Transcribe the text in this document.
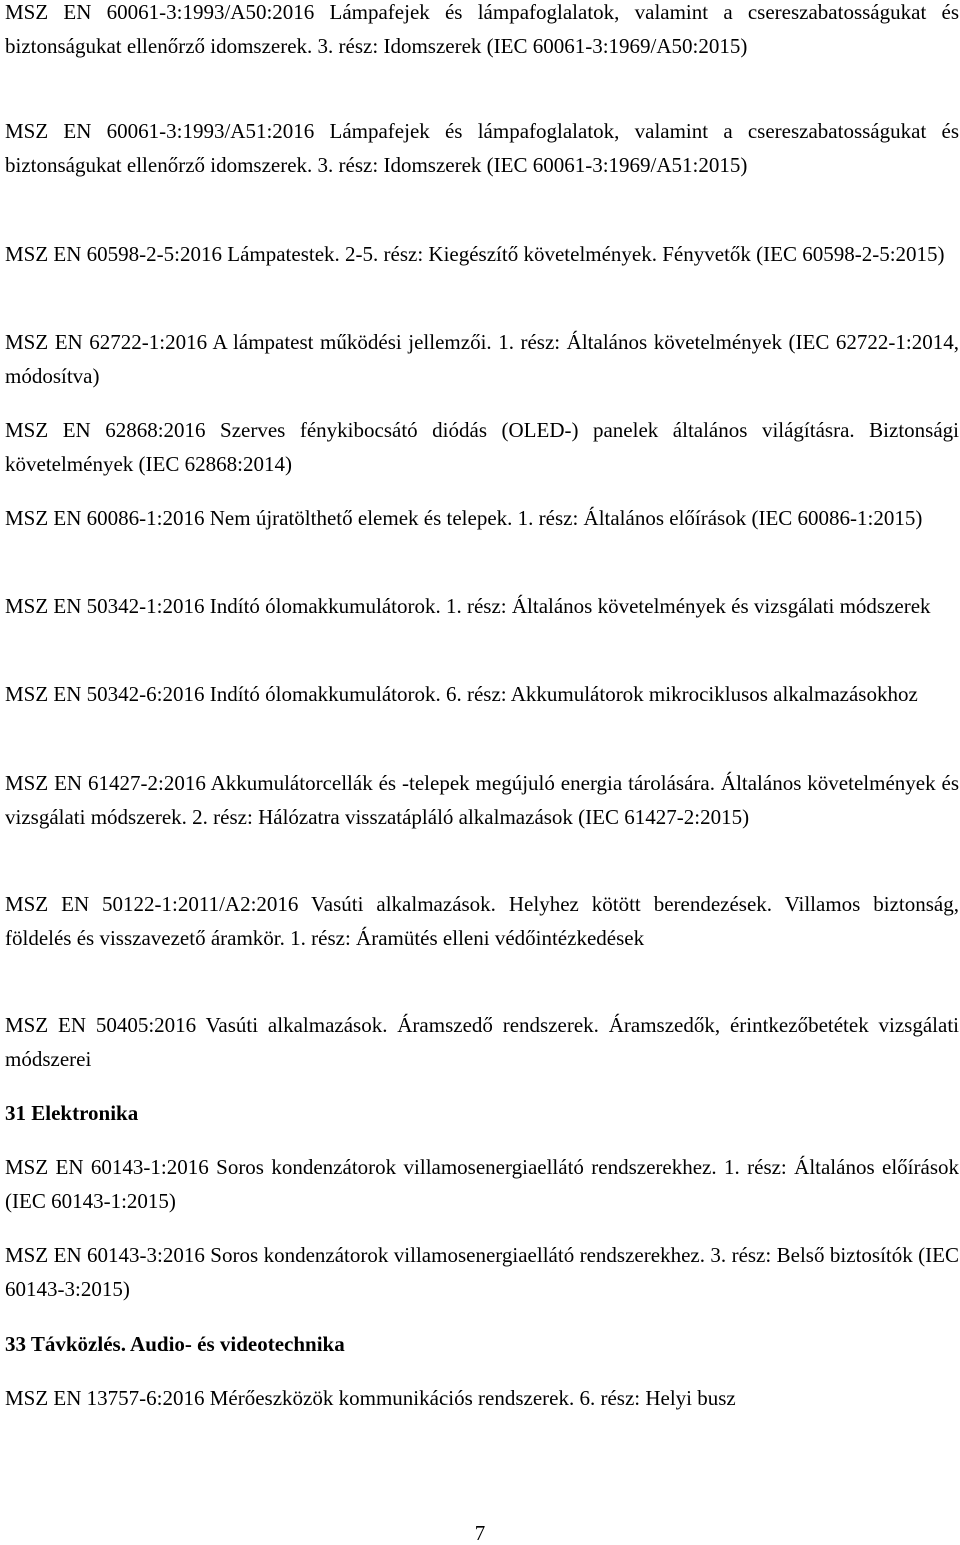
MSZ EN 60061-3:1993/A50:2016 Lámpafejek és lámpafoglalatok, valamint a csereszabatosságukat és biztonságukat ellenőrző idomszerek. 3. rész: Idomszerek (IEC 60061-3:1969/A50:2015)

MSZ EN 60061-3:1993/A51:2016 Lámpafejek és lámpafoglalatok, valamint a csereszabatosságukat és biztonságukat ellenőrző idomszerek. 3. rész: Idomszerek (IEC 60061-3:1969/A51:2015)

MSZ EN 60598-2-5:2016 Lámpatestek. 2-5. rész: Kiegészítő követelmények. Fényvetők (IEC 60598-2-5:2015)

MSZ EN 62722-1:2016 A lámpatest működési jellemzői. 1. rész: Általános követelmények (IEC 62722-1:2014, módosítva)

MSZ EN 62868:2016 Szerves fénykibocsátó diódás (OLED-) panelek általános világításra. Biztonsági követelmények (IEC 62868:2014)

MSZ EN 60086-1:2016 Nem újratölthető elemek és telepek. 1. rész: Általános előírások (IEC 60086-1:2015)

MSZ EN 50342-1:2016 Indító ólomakkumulátorok. 1. rész: Általános követelmények és vizsgálati módszerek

MSZ EN 50342-6:2016 Indító ólomakkumulátorok. 6. rész: Akkumulátorok mikrociklusos alkalmazásokhoz

MSZ EN 61427-2:2016 Akkumulátorcellák és -telepek megújuló energia tárolására. Általános követelmények és vizsgálati módszerek. 2. rész: Hálózatra visszatápláló alkalmazások (IEC 61427-2:2015)

MSZ EN 50122-1:2011/A2:2016 Vasúti alkalmazások. Helyhez kötött berendezések. Villamos biztonság, földelés és visszavezető áramkör. 1. rész: Áramütés elleni védőintézkedések

MSZ EN 50405:2016 Vasúti alkalmazások. Áramszedő rendszerek. Áramszedők, érintkezőbetétek vizsgálati módszerei

31 Elektronika

MSZ EN 60143-1:2016 Soros kondenzátorok villamosenergiaellátó rendszerekhez. 1. rész: Általános előírások (IEC 60143-1:2015)

MSZ EN 60143-3:2016 Soros kondenzátorok villamosenergiaellátó rendszerekhez. 3. rész: Belső biztosítók (IEC 60143-3:2015)

33 Távközlés. Audio- és videotechnika

MSZ EN 13757-6:2016 Mérőeszközök kommunikációs rendszerek. 6. rész: Helyi busz

7
